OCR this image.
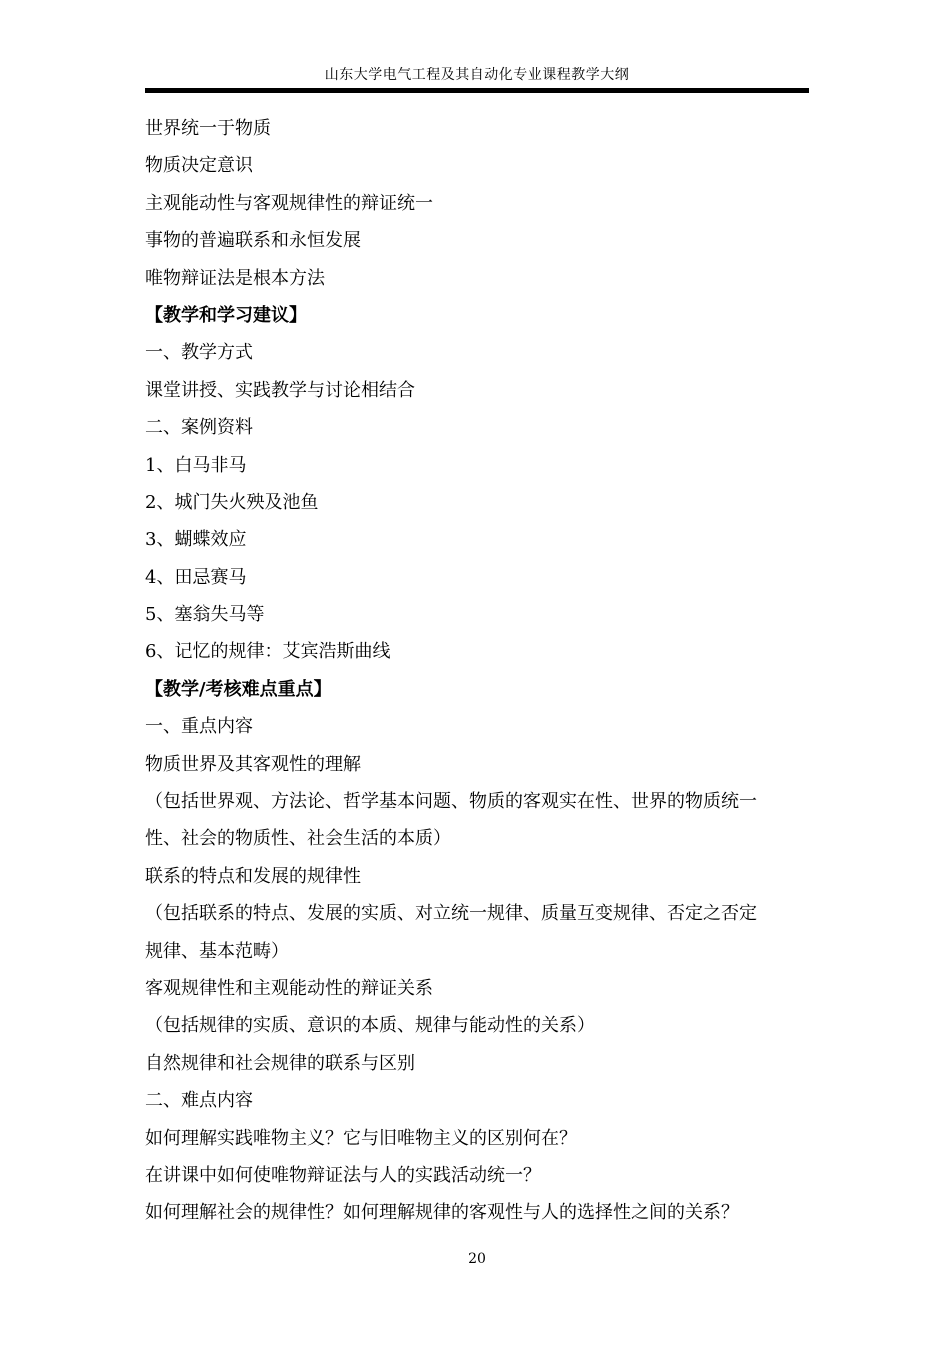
山东大学电气工程及其自动化专业课程教学大纲
世界统一于物质
物质决定意识
主观能动性与客观规律性的辩证统一
事物的普遍联系和永恒发展
唯物辩证法是根本方法
【教学和学习建议】
一、教学方式
课堂讲授、实践教学与讨论相结合
二、案例资料
1、白马非马
2、城门失火殃及池鱼
3、蝴蝶效应
4、田忌赛马
5、塞翁失马等
6、记忆的规律：艾宾浩斯曲线
【教学/考核难点重点】
一、重点内容
物质世界及其客观性的理解
（包括世界观、方法论、哲学基本问题、物质的客观实在性、世界的物质统一
性、社会的物质性、社会生活的本质）
联系的特点和发展的规律性
（包括联系的特点、发展的实质、对立统一规律、质量互变规律、否定之否定
规律、基本范畴）
客观规律性和主观能动性的辩证关系
（包括规律的实质、意识的本质、规律与能动性的关系）
自然规律和社会规律的联系与区别
二、难点内容
如何理解实践唯物主义？它与旧唯物主义的区别何在？
在讲课中如何使唯物辩证法与人的实践活动统一？
如何理解社会的规律性？如何理解规律的客观性与人的选择性之间的关系？
20
